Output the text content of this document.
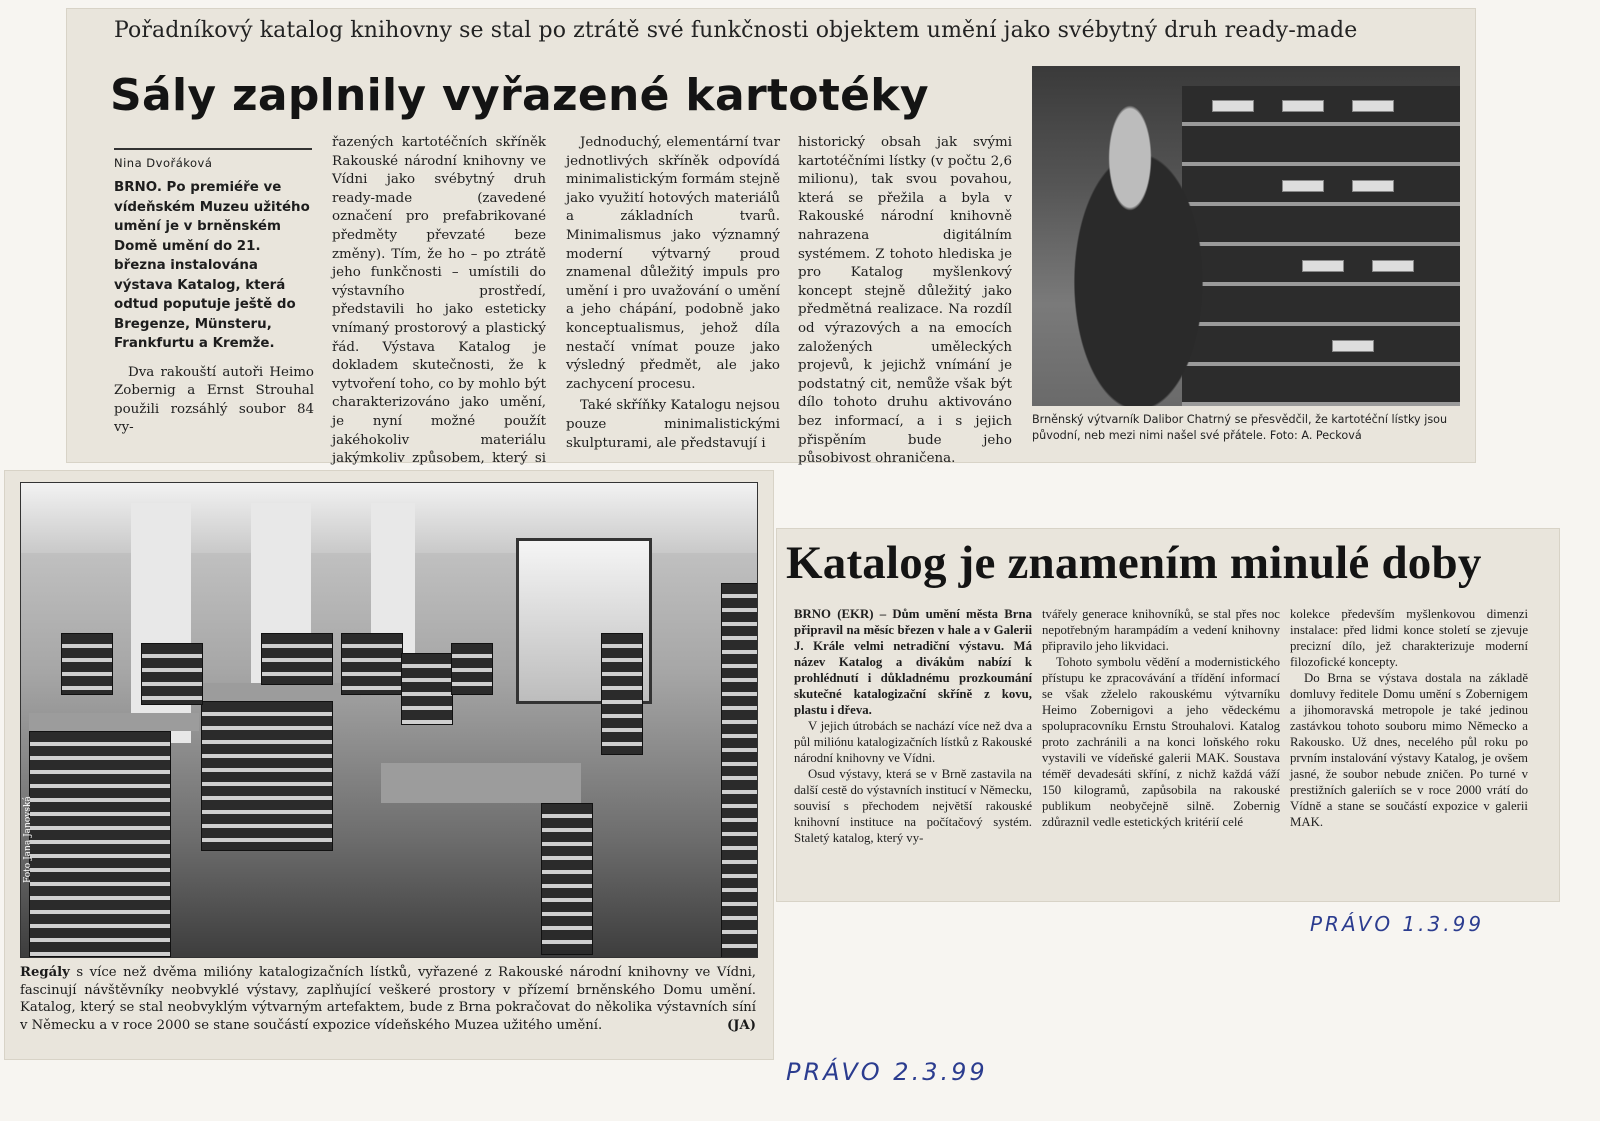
Pořadníkový katalog knihovny se stal po ztrátě své funkčnosti objektem umění jako svébytný druh ready-made
Sály zaplnily vyřazené kartotéky
Nina Dvořáková

BRNO. Po premiéře ve vídeňském Muzeu užitého umění je v brněnském Domě umění do 21. března instalována výstava Katalog, která odtud poputuje ještě do Bregenze, Münsteru, Frankfurtu a Kremže.

Dva rakouští autoři Heimo Zobernig a Ernst Strouhal použili rozsáhlý soubor 84 vy-

řazených kartotéčních skříněk Rakouské národní knihovny ve Vídni jako svébytný druh ready-made (zavedené označení pro prefabrikované předměty převzaté beze změny). Tím, že ho – po ztrátě jeho funkčnosti – umístili do výstavního prostředí, představili ho jako esteticky vnímaný prostorový a plastický řád. Výstava Katalog je dokladem skutečnosti, že k vytvoření toho, co by mohlo být charakterizováno jako umění, je nyní možné použít jakéhokoliv materiálu jakýmkoliv způsobem, který si

Jednoduchý, elementární tvar jednotlivých skříněk odpovídá minimalistickým formám stejně jako využití hotových materiálů a základních tvarů. Minimalismus jako významný moderní výtvarný proud znamenal důležitý impuls pro umění i pro uvažování o umění a jeho chápání, podobně jako konceptualismus, jehož díla nestačí vnímat pouze jako výsledný předmět, ale jako zachycení procesu.

Také skříňky Katalogu nejsou pouze minimalistickými skulpturami, ale představují i

historický obsah jak svými kartotéčními lístky (v počtu 2,6 milionu), tak svou povahou, která se přežila a byla v Rakouské národní knihovně nahrazena digitálním systémem. Z tohoto hlediska je pro Katalog myšlenkový koncept stejně důležitý jako předmětná realizace. Na rozdíl od výrazových a na emocích založených uměleckých projevů, k jejichž vnímání je podstatný cit, nemůže však být dílo tohoto druhu aktivováno bez informací, a i s jejich přispěním bude jeho působivost ohraničena.

Brněnský výtvarník Dalibor Chatrný se přesvědčil, že kartotéční lístky jsou původní, neb mezi nimi našel své přátele. Foto: A. Pecková
Foto Jana Janovská
Regály s více než dvěma milióny katalogizačních lístků, vyřazené z Rakouské národní knihovny ve Vídni, fascinují návštěvníky neobvyklé výstavy, zaplňující veškeré prostory v přízemí brněnského Domu umění. Katalog, který se stal neobvyklým výtvarným artefaktem, bude z Brna pokračovat do několika výstavních síní v Německu a v roce 2000 se stane součástí expozice vídeňského Muzea užitého umění.	(JA)
Katalog je znamením minulé doby

BRNO (EKR) – Dům umění města Brna připravil na měsíc březen v hale a v Galerii J. Krále velmi netradiční výstavu. Má název Katalog a divákům nabízí k prohlédnutí i důkladnému prozkoumání skutečné katalogizační skříně z kovu, plastu i dřeva.

V jejich útrobách se nachází více než dva a půl miliónu katalogizačních lístků z Rakouské národní knihovny ve Vídni.

Osud výstavy, která se v Brně zastavila na další cestě do výstavních institucí v Německu, souvisí s přechodem největší rakouské knihovní instituce na počítačový systém. Staletý katalog, který vy-

tvářely generace knihovníků, se stal přes noc nepotřebným harampádím a vedení knihovny připravilo jeho likvidaci.

Tohoto symbolu vědění a modernistického přístupu ke zpracovávání a třídění informací se však zželelo rakouskému výtvarníku Heimo Zobernigovi a jeho vědeckému spolupracovníku Ernstu Strouhalovi. Katalog proto zachránili a na konci loňského roku vystavili ve vídeňské galerii MAK. Soustava téměř devadesáti skříní, z nichž každá váží 150 kilogramů, zapůsobila na rakouské publikum neobyčejně silně. Zobernig zdůraznil vedle estetických kritérií celé

kolekce především myšlenkovou dimenzi instalace: před lidmi konce století se zjevuje precizní dílo, jež charakterizuje moderní filozofické koncepty.

Do Brna se výstava dostala na základě domluvy ředitele Domu umění s Zobernigem a jihomoravská metropole je také jedinou zastávkou tohoto souboru mimo Německo a Rakousko. Už dnes, necelého půl roku po prvním instalování výstavy Katalog, je ovšem jasné, že soubor nebude zničen. Po turné v prestižních galeriích se v roce 2000 vrátí do Vídně a stane se součástí expozice v galerii MAK.

PRÁVO 1.3.99
PRÁVO 2.3.99
